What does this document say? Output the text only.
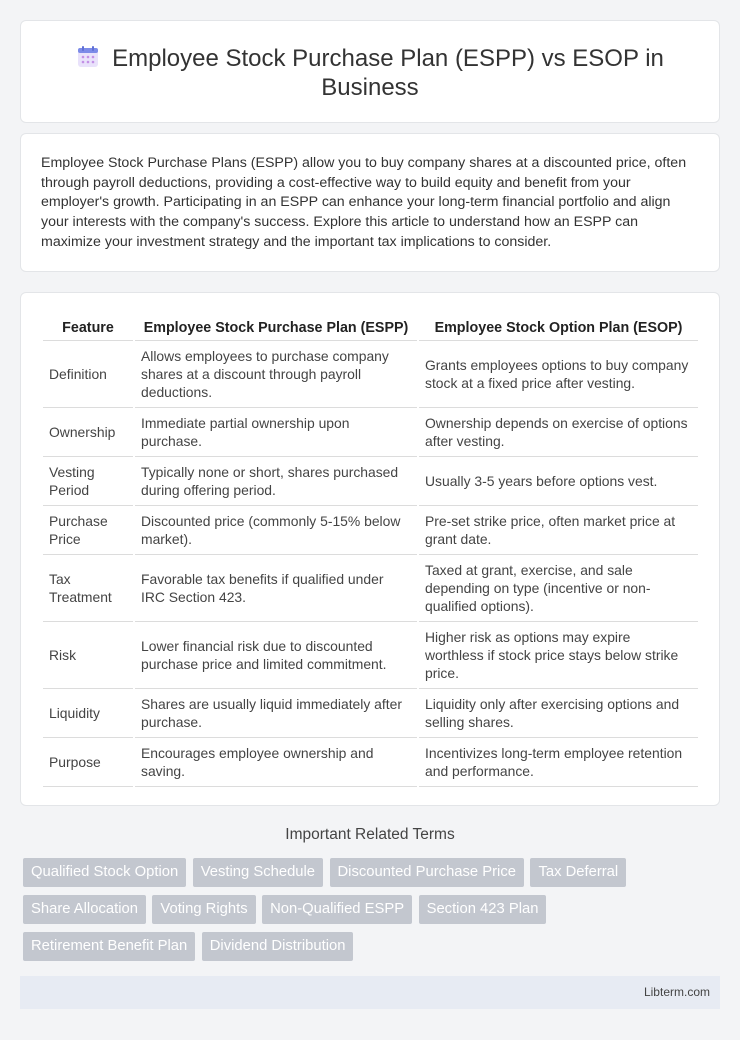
Employee Stock Purchase Plan (ESPP) vs ESOP in Business

Employee Stock Purchase Plans (ESPP) allow you to buy company shares at a discounted price, often through payroll deductions, providing a cost-effective way to build equity and benefit from your employer's growth. Participating in an ESPP can enhance your long-term financial portfolio and align your interests with the company's success. Explore this article to understand how an ESPP can maximize your investment strategy and the important tax implications to consider.

Feature	Employee Stock Purchase Plan (ESPP)	Employee Stock Option Plan (ESOP)
Definition	Allows employees to purchase company shares at a discount through payroll deductions.	Grants employees options to buy company stock at a fixed price after vesting.
Ownership	Immediate partial ownership upon purchase.	Ownership depends on exercise of options after vesting.
Vesting Period	Typically none or short, shares purchased during offering period.	Usually 3-5 years before options vest.
Purchase Price	Discounted price (commonly 5-15% below market).	Pre-set strike price, often market price at grant date.
Tax Treatment	Favorable tax benefits if qualified under IRC Section 423.	Taxed at grant, exercise, and sale depending on type (incentive or non-qualified options).
Risk	Lower financial risk due to discounted purchase price and limited commitment.	Higher risk as options may expire worthless if stock price stays below strike price.
Liquidity	Shares are usually liquid immediately after purchase.	Liquidity only after exercising options and selling shares.
Purpose	Encourages employee ownership and saving.	Incentivizes long-term employee retention and performance.
Important Related Terms
Qualified Stock Option Vesting Schedule Discounted Purchase Price Tax Deferral Share Allocation Voting Rights Non-Qualified ESPP Section 423 Plan Retirement Benefit Plan Dividend Distribution
Libterm.com
